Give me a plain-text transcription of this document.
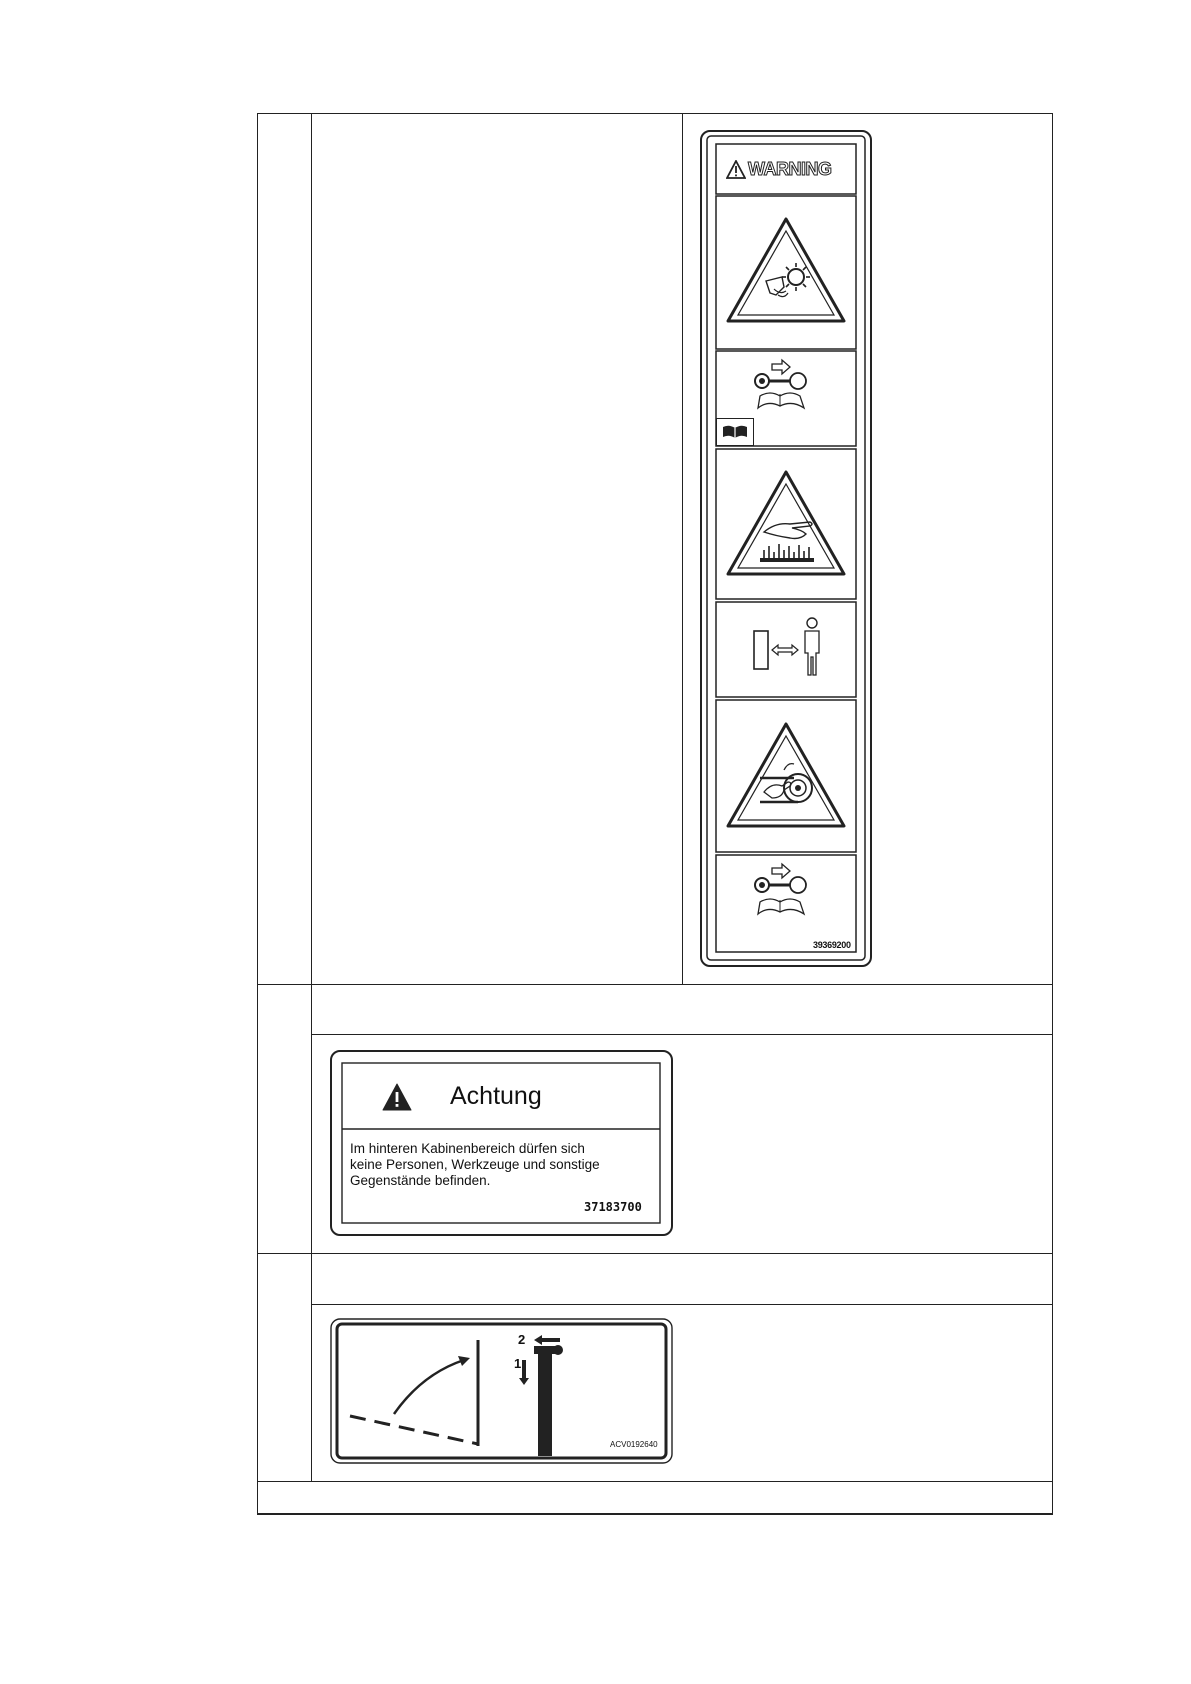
WARNING
39369200
Achtung
Im hinteren Kabinenbereich dürfen sich
keine Personen, Werkzeuge und sonstige
Gegenstände befinden.
37183700
2
1
ACV0192640
